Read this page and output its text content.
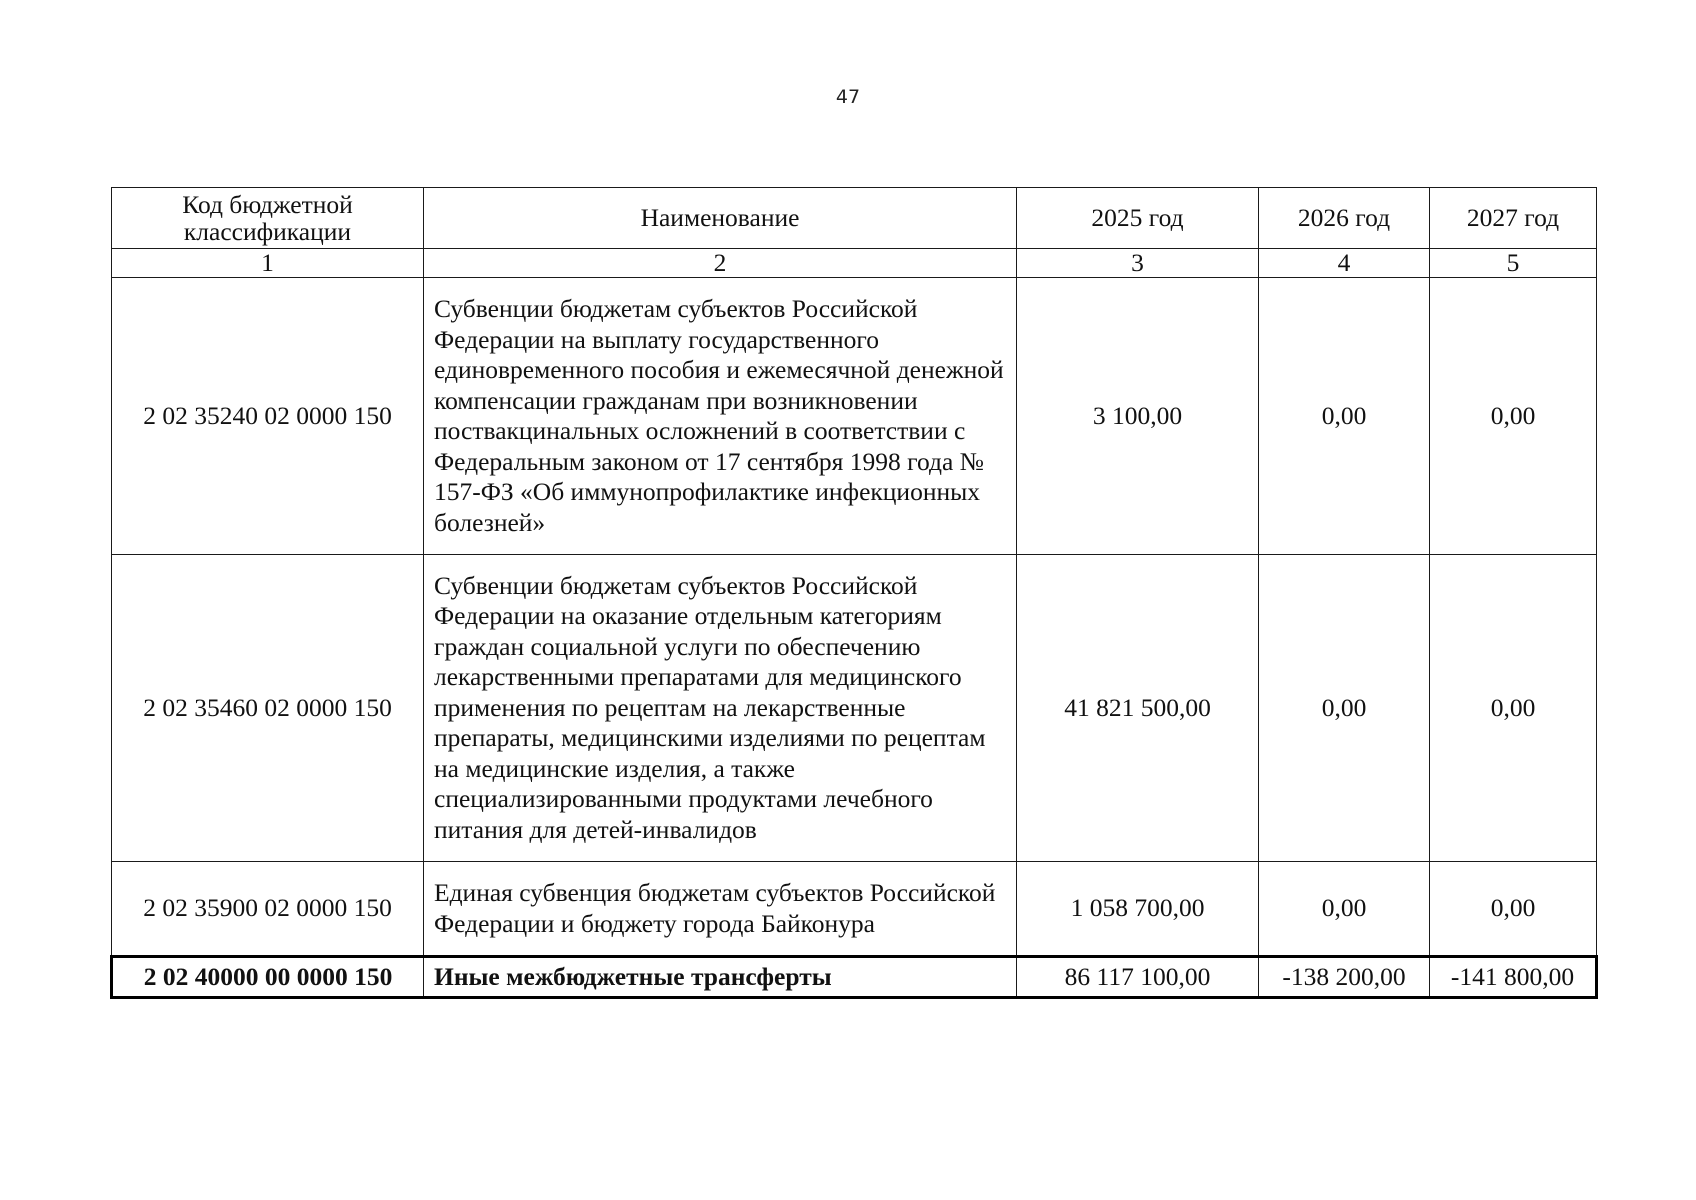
47
Код бюджетной классификации	Наименование	2025 год	2026 год	2027 год
1	2	3	4	5
2 02 35240 02 0000 150	Субвенции бюджетам субъектов Российской Федерации на выплату государственного единовременного пособия и ежемесячной денежной компенсации гражданам при возникновении поствакцинальных осложнений в соответствии с Федеральным законом от 17 сентября 1998 года № 157-ФЗ «Об иммунопрофилактике инфекционных болезней»	3 100,00	0,00	0,00
2 02 35460 02 0000 150	Субвенции бюджетам субъектов Российской Федерации на оказание отдельным категориям граждан социальной услуги по обеспечению лекарственными препаратами для медицинского применения по рецептам на лекарственные препараты, медицинскими изделиями по рецептам на медицинские изделия, а также специализированными продуктами лечебного питания для детей-инвалидов	41 821 500,00	0,00	0,00
2 02 35900 02 0000 150	Единая субвенция бюджетам субъектов Российской Федерации и бюджету города Байконура	1 058 700,00	0,00	0,00
2 02 40000 00 0000 150	Иные межбюджетные трансферты	86 117 100,00	-138 200,00	-141 800,00
